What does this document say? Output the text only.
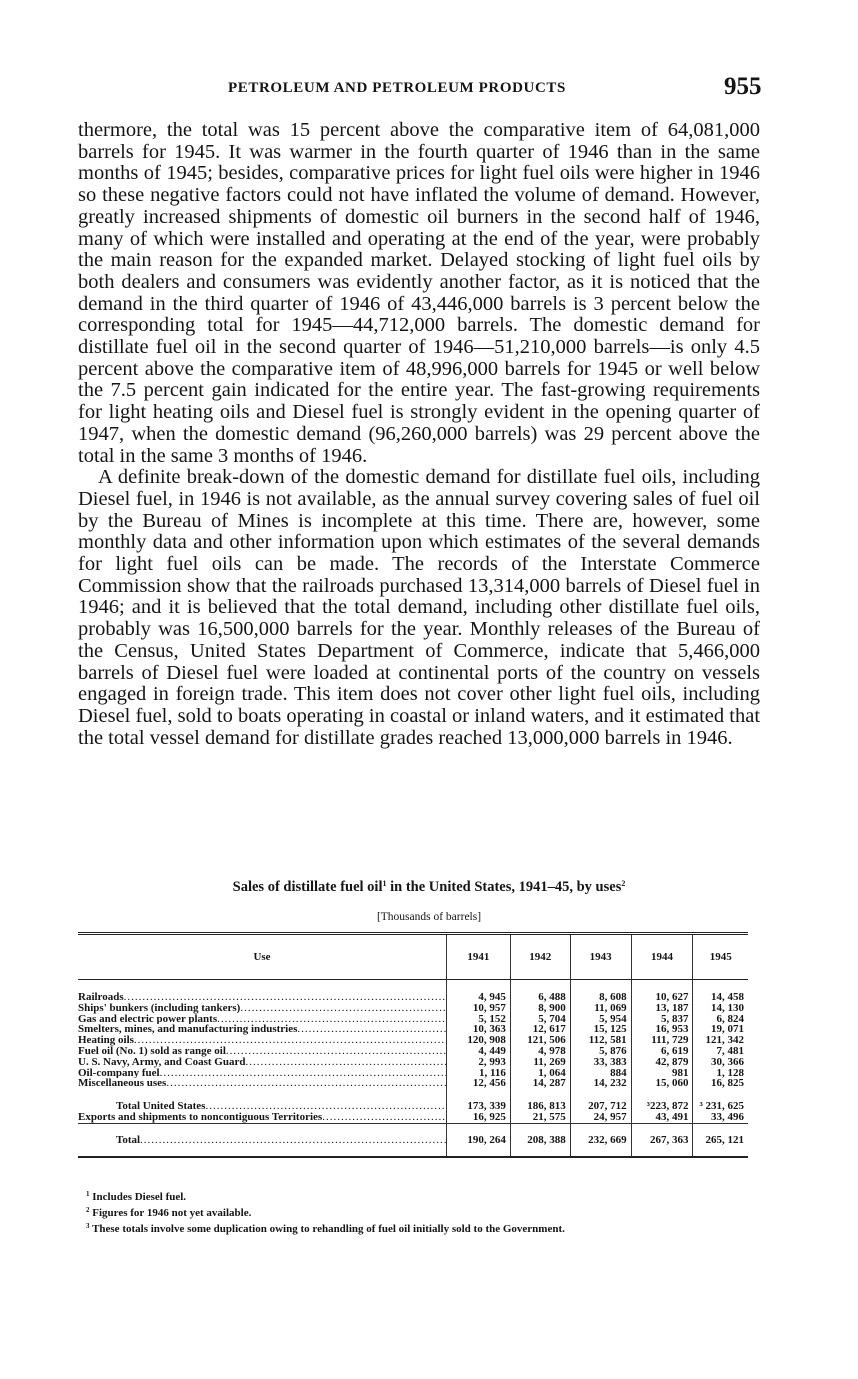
PETROLEUM AND PETROLEUM PRODUCTS	955

thermore, the total was 15 percent above the comparative item of 64,081,000 barrels for 1945. It was warmer in the fourth quarter of 1946 than in the same months of 1945; besides, comparative prices for light fuel oils were higher in 1946 so these negative factors could not have inflated the volume of demand. However, greatly increased shipments of domestic oil burners in the second half of 1946, many of which were installed and operating at the end of the year, were probably the main reason for the expanded market. Delayed stocking of light fuel oils by both dealers and consumers was evidently another factor, as it is noticed that the demand in the third quarter of 1946 of 43,446,000 barrels is 3 percent below the corresponding total for 1945—44,712,000 barrels. The domestic demand for distillate fuel oil in the second quarter of 1946—51,210,000 barrels—is only 4.5 percent above the comparative item of 48,996,000 barrels for 1945 or well below the 7.5 percent gain indicated for the entire year. The fast-growing requirements for light heating oils and Diesel fuel is strongly evident in the opening quarter of 1947, when the domestic demand (96,260,000 barrels) was 29 percent above the total in the same 3 months of 1946.

A definite break-down of the domestic demand for distillate fuel oils, including Diesel fuel, in 1946 is not available, as the annual survey covering sales of fuel oil by the Bureau of Mines is incomplete at this time. There are, however, some monthly data and other information upon which estimates of the several demands for light fuel oils can be made. The records of the Interstate Commerce Commission show that the railroads purchased 13,314,000 barrels of Diesel fuel in 1946; and it is believed that the total demand, including other distillate fuel oils, probably was 16,500,000 barrels for the year. Monthly releases of the Bureau of the Census, United States Department of Commerce, indicate that 5,466,000 barrels of Diesel fuel were loaded at continental ports of the country on vessels engaged in foreign trade. This item does not cover other light fuel oils, including Diesel fuel, sold to boats operating in coastal or inland waters, and it estimated that the total vessel demand for distillate grades reached 13,000,000 barrels in 1946.

Sales of distillate fuel oil$^1$ in the United States, 1941–45, by uses$^2$
[Thousands of barrels]
Use	1941	1942	1943	1944	1945

Railroads .....	4, 945	6, 488	8, 608	10, 627	14, 458

Ships' bunkers (including tankers) .....	10, 957	8, 900	11, 069	13, 187	14, 130

Gas and electric power plants .....	5, 152	5, 704	5, 954	5, 837	6, 824

Smelters, mines, and manufacturing industries .....	10, 363	12, 617	15, 125	16, 953	19, 071

Heating oils .....	120, 908	121, 506	112, 581	111, 729	121, 342

Fuel oil (No. 1) sold as range oil .....	4, 449	4, 978	5, 876	6, 619	7, 481

U. S. Navy, Army, and Coast Guard .....	2, 993	11, 269	33, 383	42, 879	30, 366

Oil-company fuel .....	1, 116	1, 064	884	981	1, 128

Miscellaneous uses .....	12, 456	14, 287	14, 232	15, 060	16, 825

Total United States .....	173, 339	186, 813	207, 712	³223, 872	³ 231, 625

Exports and shipments to noncontiguous Territories .....	16, 925	21, 575	24, 957	43, 491	33, 496

Total .....	190, 264	208, 388	232, 669	267, 363	265, 121
$^1$ Includes Diesel fuel.
$^2$ Figures for 1946 not yet available.
$^3$ These totals involve some duplication owing to rehandling of fuel oil initially sold to the Government.
